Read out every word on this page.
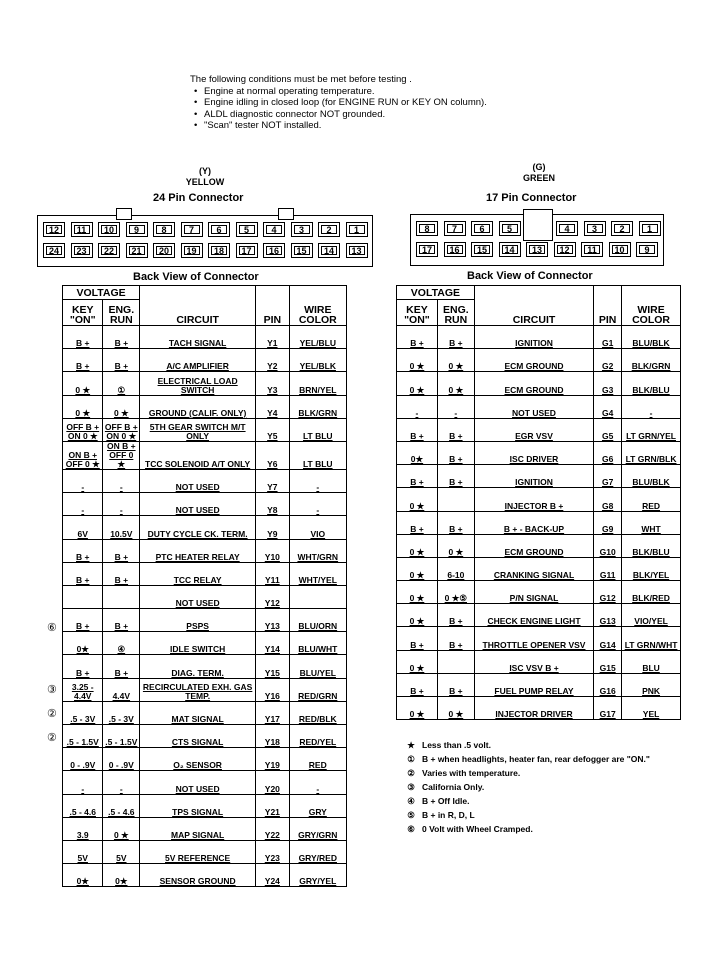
The following conditions must be met before testing .
• Engine at normal operating temperature.
• Engine idling in closed loop (for ENGINE RUN or KEY ON column).
• ALDL diagnostic connector NOT grounded.
• "Scan" tester NOT installed.
(Y)
YELLOW
24 Pin Connector
12	11	10	9	8	7	6	5	4	3	2	1
24	23	22	21	20	19	18	17	16	15	14	13
Back View of Connector
(G)
GREEN
17 Pin Connector
8	7	6	5	4	3	2	1
17	16	15	14	13	12	11	10	9
Back View of Connector
VOLTAGE		CIRCUIT	PIN	WIRE COLOR
KEY "ON"	ENG. RUN			
B +	B +	TACH SIGNAL	Y1	YEL/BLU
B +	B +	A/C AMPLIFIER	Y2	YEL/BLK
0 ★	①	ELECTRICAL LOAD SWITCH	Y3	BRN/YEL
0 ★	0 ★	GROUND (CALIF. ONLY)	Y4	BLK/GRN
OFF B + ON 0 ★	OFF B + ON 0 ★	5TH GEAR SWITCH M/T ONLY	Y5	LT BLU
ON B + OFF 0 ★	ON B + OFF 0 ★	TCC SOLENOID A/T ONLY	Y6	LT BLU
-	-	NOT USED	Y7	-
-	-	NOT USED	Y8	-
6V	10.5V	DUTY CYCLE CK. TERM.	Y9	VIO
B +	B +	PTC HEATER RELAY	Y10	WHT/GRN
B +	B +	TCC RELAY	Y11	WHT/YEL
		NOT USED	Y12	
B +	B +	PSPS	Y13	BLU/ORN
0★	④	IDLE SWITCH	Y14	BLU/WHT
B +	B +	DIAG. TERM.	Y15	BLU/YEL
3.25 - 4.4V	4.4V	RECIRCULATED EXH. GAS TEMP.	Y16	RED/GRN
.5 - 3V	.5 - 3V	MAT SIGNAL	Y17	RED/BLK
.5 - 1.5V	.5 - 1.5V	CTS SIGNAL	Y18	RED/YEL
0 - .9V	0 - .9V	O₂ SENSOR	Y19	RED
-	-	NOT USED	Y20	-
.5 - 4.6	.5 - 4.6	TPS SIGNAL	Y21	GRY
3.9	0 ★	MAP SIGNAL	Y22	GRY/GRN
5V	5V	5V REFERENCE	Y23	GRY/RED
0★	0★	SENSOR GROUND	Y24	GRY/YEL
VOLTAGE		CIRCUIT	PIN	WIRE COLOR
KEY "ON"	ENG. RUN			
B +	B +	IGNITION	G1	BLU/BLK
0 ★	0 ★	ECM GROUND	G2	BLK/GRN
0 ★	0 ★	ECM GROUND	G3	BLK/BLU
-	-	NOT USED	G4	-
B +	B +	EGR VSV	G5	LT GRN/YEL
0★	B +	ISC DRIVER	G6	LT GRN/BLK
B +	B +	IGNITION	G7	BLU/BLK
0 ★		INJECTOR B +	G8	RED
B +	B +	B + - BACK-UP	G9	WHT
0 ★	0 ★	ECM GROUND	G10	BLK/BLU
0 ★	6-10	CRANKING SIGNAL	G11	BLK/YEL
0 ★	0 ★⑤	P/N SIGNAL	G12	BLK/RED
0 ★	B +	CHECK ENGINE LIGHT	G13	VIO/YEL
B +	B +	THROTTLE OPENER VSV	G14	LT GRN/WHT
0 ★		ISC VSV B +	G15	BLU
B +	B +	FUEL PUMP RELAY	G16	PNK
0 ★	0 ★	INJECTOR DRIVER	G17	YEL
⑥
③
②
②
★ Less than .5 volt.
① B + when headlights, heater fan, rear defogger are "ON."
② Varies with temperature.
③ California Only.
④ B + Off Idle.
⑤ B + in R, D, L
⑥ 0 Volt with Wheel Cramped.
